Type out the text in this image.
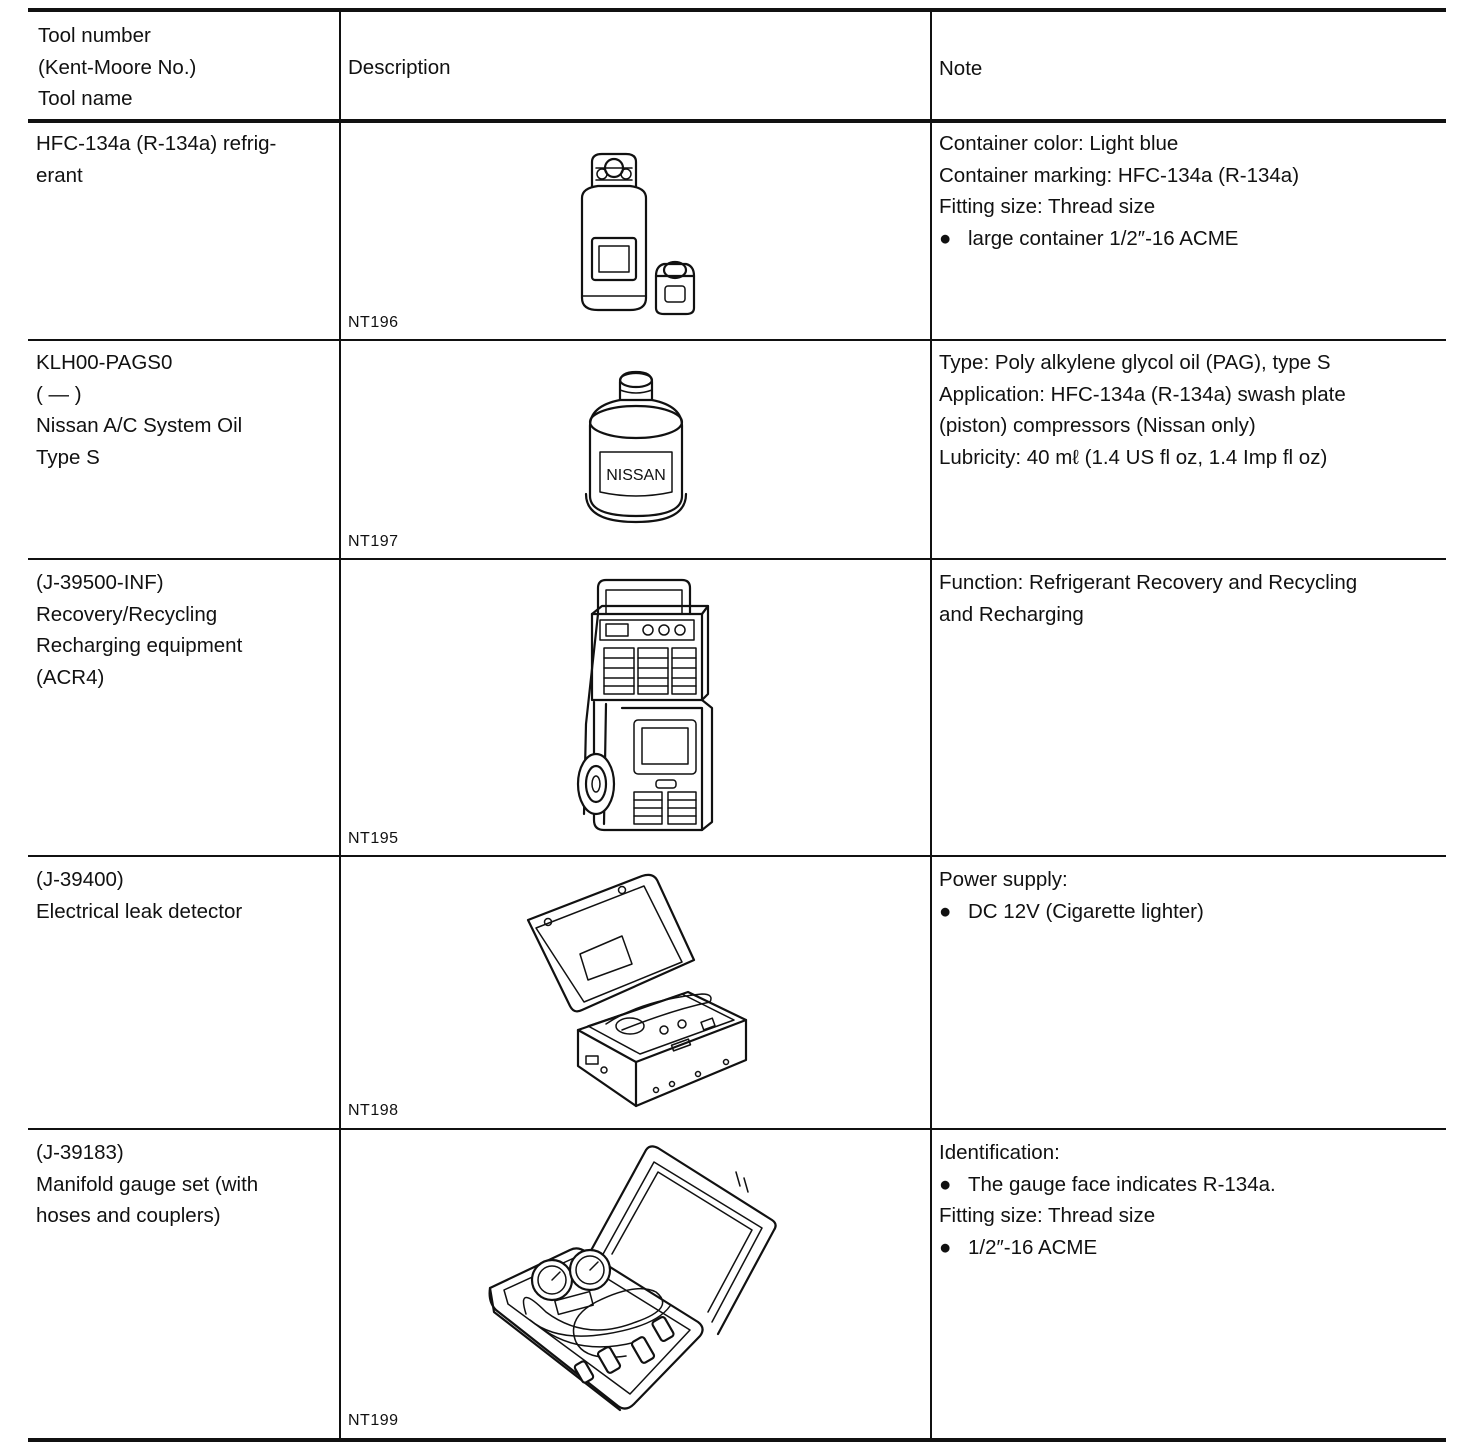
Tool number
(Kent-Moore No.)
Tool name
Description	Note
HFC-134a (R-134a) refrig-
erant
NT196
Container color: Light blue
Container marking: HFC-134a (R-134a)
Fitting size: Thread size
● large container 1/2″-16 ACME
KLH00-PAGS0
( — )
Nissan A/C System Oil
Type S
NISSAN
NT197
Type: Poly alkylene glycol oil (PAG), type S
Application: HFC-134a (R-134a) swash plate
(piston) compressors (Nissan only)
Lubricity: 40 mℓ (1.4 US fl oz, 1.4 Imp fl oz)
(J-39500-INF)
Recovery/Recycling
Recharging equipment
(ACR4)
NT195
Function: Refrigerant Recovery and Recycling
and Recharging
(J-39400)
Electrical leak detector
NT198
Power supply:
● DC 12V (Cigarette lighter)
(J-39183)
Manifold gauge set (with
hoses and couplers)
NT199
Identification:
● The gauge face indicates R-134a.
Fitting size: Thread size
● 1/2″-16 ACME
